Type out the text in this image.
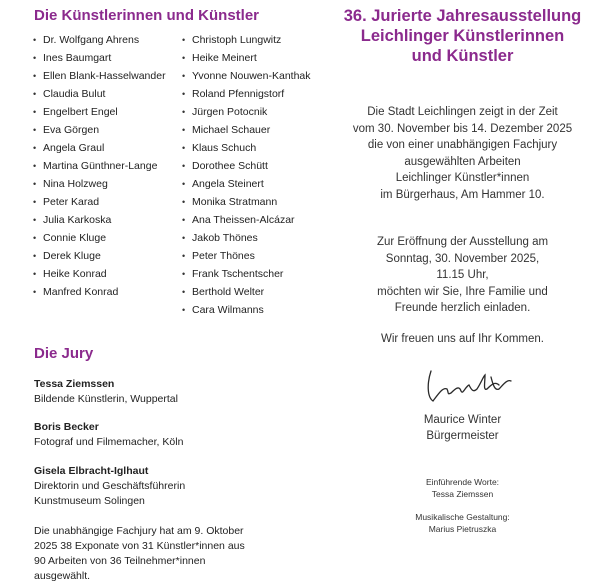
Die Künstlerinnen und Künstler
• Dr. Wolfgang Ahrens
• Ines Baumgart
• Ellen Blank-Hasselwander
• Claudia Bulut
• Engelbert Engel
• Eva Görgen
• Angela Graul
• Martina Günthner-Lange
• Nina Holzweg
• Peter Karad
• Julia Karkoska
• Connie Kluge
• Derek Kluge
• Heike Konrad
• Manfred Konrad
• Christoph Lungwitz
• Heike Meinert
• Yvonne Nouwen-Kanthak
• Roland Pfennigstorf
• Jürgen Potocnik
• Michael Schauer
• Klaus Schuch
• Dorothee Schütt
• Angela Steinert
• Monika Stratmann
• Ana Theissen-Alcázar
• Jakob Thönes
• Peter Thönes
• Frank Tschentscher
• Berthold Welter
• Cara Wilmanns
Die Jury
Tessa Ziemssen
Bildende Künstlerin, Wuppertal
Boris Becker
Fotograf und Filmemacher, Köln
Gisela Elbracht-Iglhaut
Direktorin und Geschäftsführerin
Kunstmuseum Solingen
Die unabhängige Fachjury hat am 9. Oktober
2025 38 Exponate von 31 Künstler*innen aus
90 Arbeiten von 36 Teilnehmer*innen
ausgewählt.
36. Jurierte Jahresausstellung
Leichlinger Künstlerinnen
und Künstler
Die Stadt Leichlingen zeigt in der Zeit
vom 30. November bis 14. Dezember 2025
die von einer unabhängigen Fachjury
ausgewählten Arbeiten
Leichlinger Künstler*innen
im Bürgerhaus, Am Hammer 10.
Zur Eröffnung der Ausstellung am
Sonntag, 30. November 2025,
11.15 Uhr,
möchten wir Sie, Ihre Familie und
Freunde herzlich einladen.
Wir freuen uns auf Ihr Kommen.
Maurice Winter
Bürgermeister
Einführende Worte:
Tessa Ziemssen
Musikalische Gestaltung:
Marius Pietruszka
